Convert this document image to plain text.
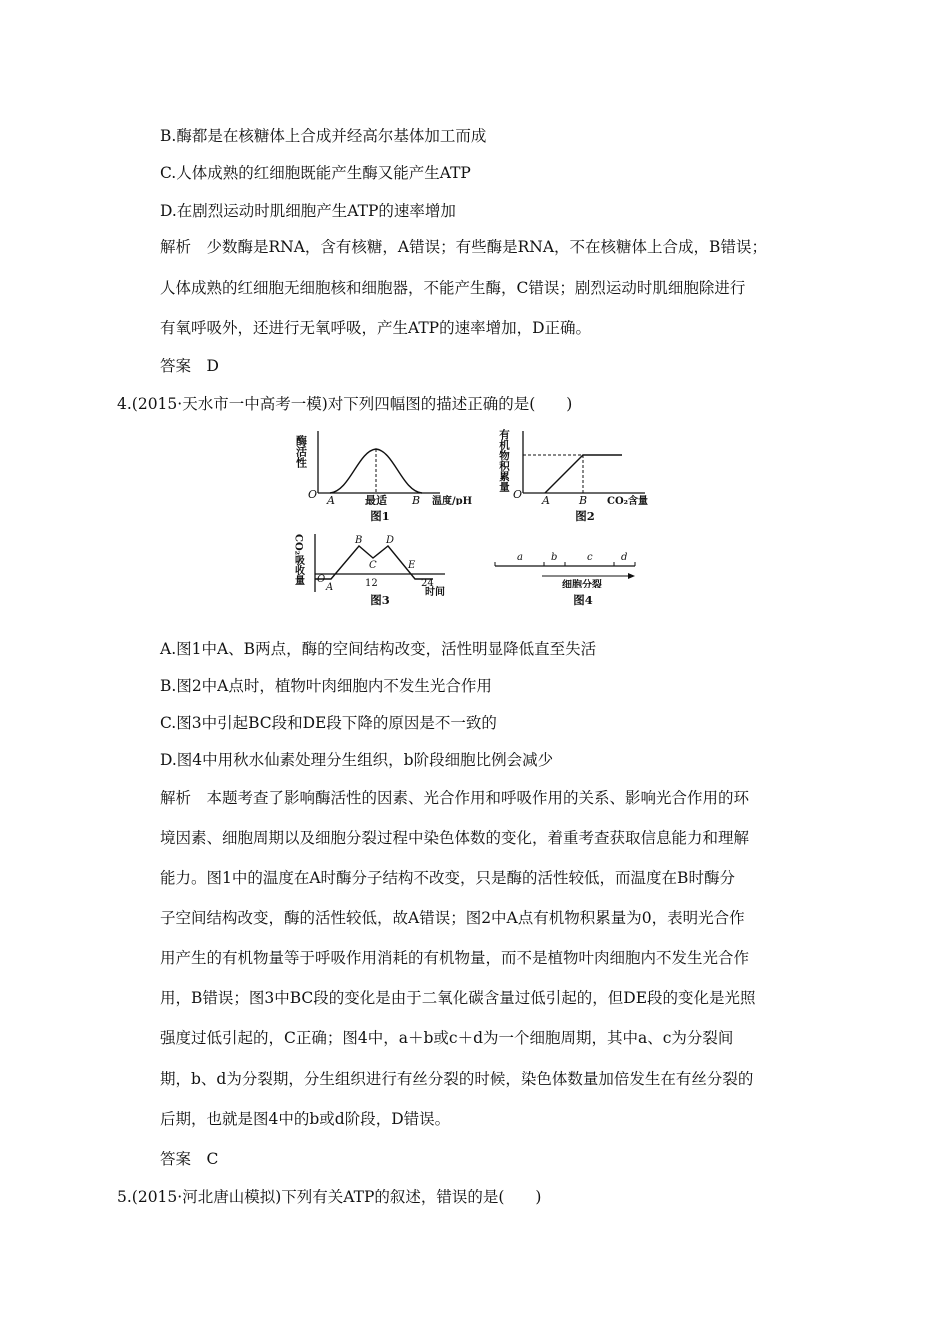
B.酶都是在核糖体上合成并经高尔基体加工而成
C.人体成熟的红细胞既能产生酶又能产生ATP
D.在剧烈运动时肌细胞产生ATP的速率增加
解析　少数酶是RNA，含有核糖，A错误；有些酶是RNA，不在核糖体上合成，B错误；
人体成熟的红细胞无细胞核和细胞器，不能产生酶，C错误；剧烈运动时肌细胞除进行
有氧呼吸外，还进行无氧呼吸，产生ATP的速率增加，D正确。
答案　D
4.(2015·天水市一中高考一模)对下列四幅图的描述正确的是(　　)
酶活性
O A	最适 B 温度/pH
图1
有机物积累量
O A	B CO₂含量
图2
CO₂吸收量 O
A
B
C
D
E
12	24
时间
图3
a	b	c	d
细胞分裂
图4
A.图1中A、B两点，酶的空间结构改变，活性明显降低直至失活
B.图2中A点时，植物叶肉细胞内不发生光合作用
C.图3中引起BC段和DE段下降的原因是不一致的
D.图4中用秋水仙素处理分生组织，b阶段细胞比例会减少
解析　本题考查了影响酶活性的因素、光合作用和呼吸作用的关系、影响光合作用的环
境因素、细胞周期以及细胞分裂过程中染色体数的变化，着重考查获取信息能力和理解
能力。图1中的温度在A时酶分子结构不改变，只是酶的活性较低，而温度在B时酶分
子空间结构改变，酶的活性较低，故A错误；图2中A点有机物积累量为0，表明光合作
用产生的有机物量等于呼吸作用消耗的有机物量，而不是植物叶肉细胞内不发生光合作
用，B错误；图3中BC段的变化是由于二氧化碳含量过低引起的，但DE段的变化是光照
强度过低引起的，C正确；图4中，a＋b或c＋d为一个细胞周期，其中a、c为分裂间
期，b、d为分裂期，分生组织进行有丝分裂的时候，染色体数量加倍发生在有丝分裂的
后期，也就是图4中的b或d阶段，D错误。
答案　C
5.(2015·河北唐山模拟)下列有关ATP的叙述，错误的是(　　)
